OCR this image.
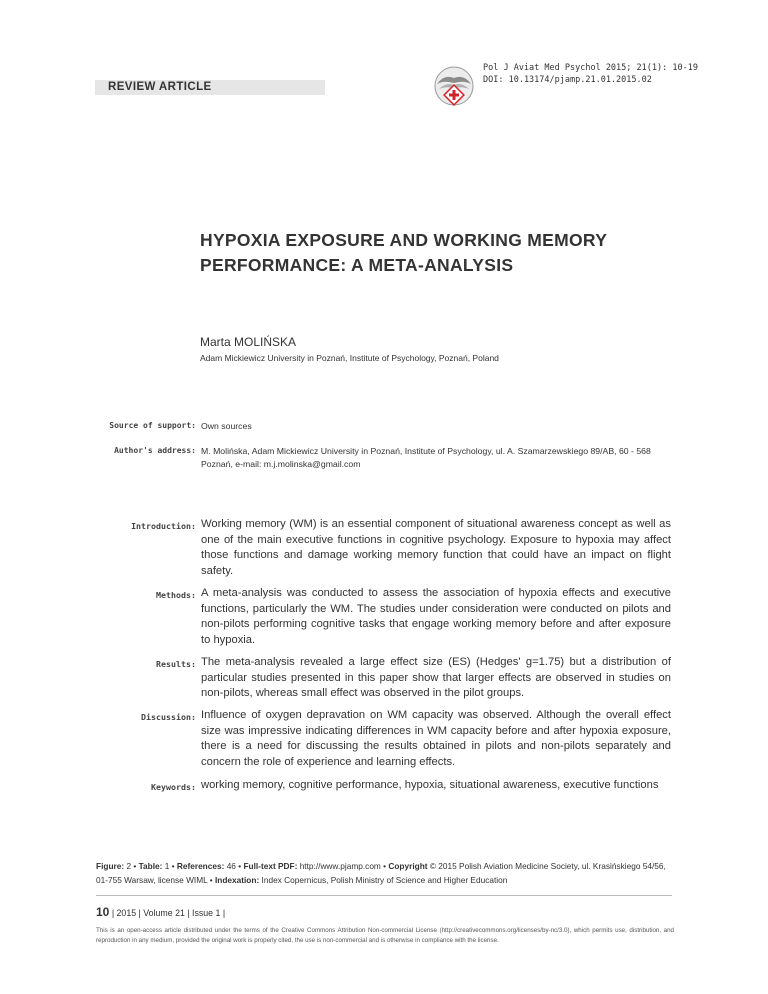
REVIEW ARTICLE
Pol J Aviat Med Psychol 2015; 21(1): 10-19
DOI: 10.13174/pjamp.21.01.2015.02
HYPOXIA EXPOSURE AND WORKING MEMORY PERFORMANCE: A META-ANALYSIS
Marta MOLIŃSKA
Adam Mickiewicz University in Poznań, Institute of Psychology, Poznań, Poland
Source of support: Own sources
Author's address: M. Molińska, Adam Mickiewicz University in Poznań, Institute of Psychology, ul. A. Szamarzewskiego 89/AB, 60 - 568 Poznań, e-mail: m.j.molinska@gmail.com
Introduction: Working memory (WM) is an essential component of situational awareness concept as well as one of the main executive functions in cognitive psychology. Exposure to hypoxia may affect those functions and damage working memory function that could have an impact on flight safety.
Methods: A meta-analysis was conducted to assess the association of hypoxia effects and executive functions, particularly the WM. The studies under consideration were conducted on pilots and non-pilots performing cognitive tasks that engage working memory before and after exposure to hypoxia.
Results: The meta-analysis revealed a large effect size (ES) (Hedges' g=1.75) but a distribution of particular studies presented in this paper show that larger effects are observed in studies on non-pilots, whereas small effect was observed in the pilot groups.
Discussion: Influence of oxygen depravation on WM capacity was observed. Although the overall effect size was impressive indicating differences in WM capacity before and after hypoxia exposure, there is a need for discussing the results obtained in pilots and non-pilots separately and concern the role of experience and learning effects.
Keywords: working memory, cognitive performance, hypoxia, situational awareness, executive functions
Figure: 2 • Table: 1 • References: 46 • Full-text PDF: http://www.pjamp.com • Copyright © 2015 Polish Aviation Medicine Society, ul. Krasińskiego 54/56, 01-755 Warsaw, license WIML • Indexation: Index Copernicus, Polish Ministry of Science and Higher Education
10 | 2015 | Volume 21 | Issue 1 |
This is an open-access article distributed under the terms of the Creative Commons Attribution Non-commercial License (http://creativecommons.org/licenses/by-nc/3.0), which permits use, distribution, and reproduction in any medium, provided the original work is properly cited, the use is non-commercial and is otherwise in compliance with the license.
